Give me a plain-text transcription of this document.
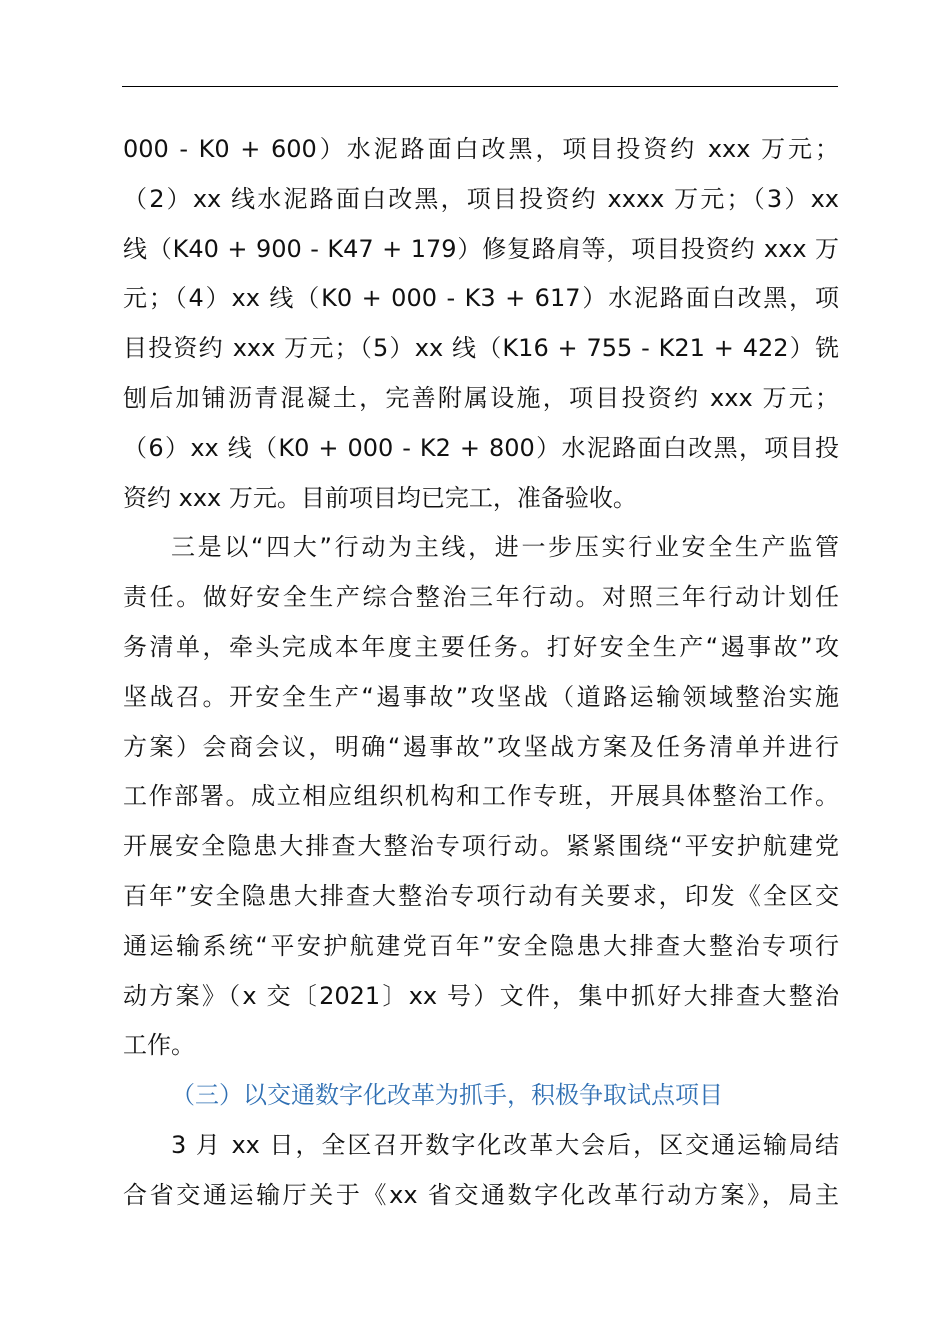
000 - K0 + 600）水泥路面白改黑，项目投资约 xxx 万元；
（2）xx 线水泥路面白改黑，项目投资约 xxxx 万元；（3）xx
线（K40 + 900 - K47 + 179）修复路肩等，项目投资约 xxx 万
元；（4）xx 线（K0 + 000 - K3 + 617）水泥路面白改黑，项
目投资约 xxx 万元；（5）xx 线（K16 + 755 - K21 + 422）铣
刨后加铺沥青混凝土，完善附属设施，项目投资约 xxx 万元；
（6）xx 线（K0 + 000 - K2 + 800）水泥路面白改黑，项目投
资约 xxx 万元。目前项目均已完工，准备验收。
三是以“四大”行动为主线，进一步压实行业安全生产监管
责任。做好安全生产综合整治三年行动。对照三年行动计划任
务清单，牵头完成本年度主要任务。打好安全生产“遏事故”攻
坚战召。开安全生产“遏事故”攻坚战（道路运输领域整治实施
方案）会商会议，明确“遏事故”攻坚战方案及任务清单并进行
工作部署。成立相应组织机构和工作专班，开展具体整治工作。
开展安全隐患大排查大整治专项行动。紧紧围绕“平安护航建党
百年”安全隐患大排查大整治专项行动有关要求，印发《全区交
通运输系统“平安护航建党百年”安全隐患大排查大整治专项行
动方案》（x 交〔2021〕xx 号）文件，集中抓好大排查大整治
工作。
（三）以交通数字化改革为抓手，积极争取试点项目
3 月 xx 日，全区召开数字化改革大会后，区交通运输局结
合省交通运输厅关于《xx 省交通数字化改革行动方案》，局主
